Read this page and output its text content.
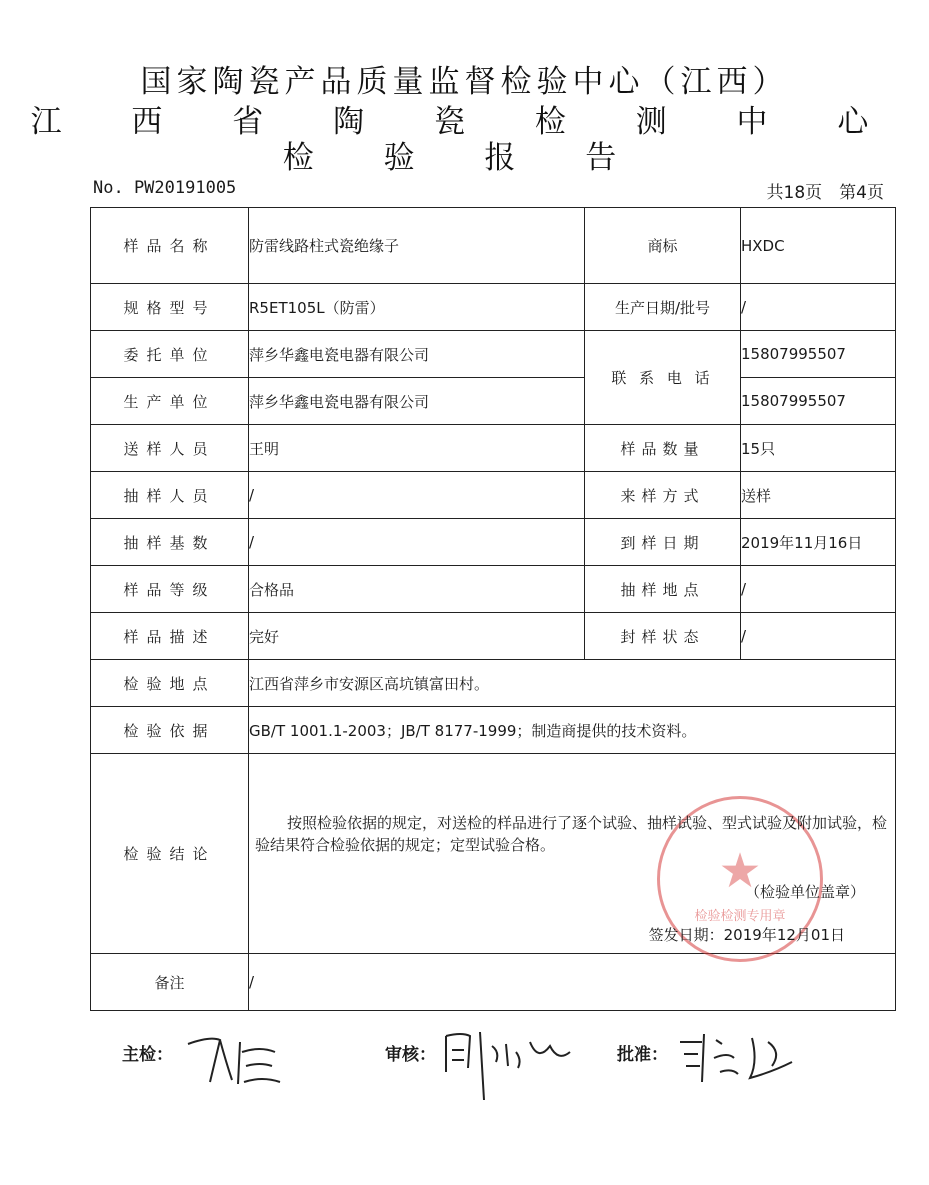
国家陶瓷产品质量监督检验中心（江西）
江 西 省 陶 瓷 检 测 中 心
检 验 报 告
No. PW20191005	共18页　第4页
样品名称	防雷线路柱式瓷绝缘子	商标	HXDC
规格型号	R5ET105L（防雷）	生产日期/批号	/
委托单位	萍乡华鑫电瓷电器有限公司	联 系 电 话	15807995507
生产单位	萍乡华鑫电瓷电器有限公司		15807995507
送样人员	王明	样品数量	15只
抽样人员	/	来样方式	送样
抽样基数	/	到样日期	2019年11月16日
样品等级	合格品	抽样地点	/
样品描述	完好	封样状态	/
检验地点	江西省萍乡市安源区高坑镇富田村。		
检验依据	GB/T 1001.1-2003；JB/T 8177-1999；制造商提供的技术资料。		
检验结论	★
检验检测专用章
按照检验依据的规定，对送检的样品进行了逐个试验、抽样试验、型式试验及附加试验，检验结果符合检验依据的规定；定型试验合格。
（检验单位盖章）
签发日期：2019年12月01日		

备注	/		
主检：	审核：	批准：
